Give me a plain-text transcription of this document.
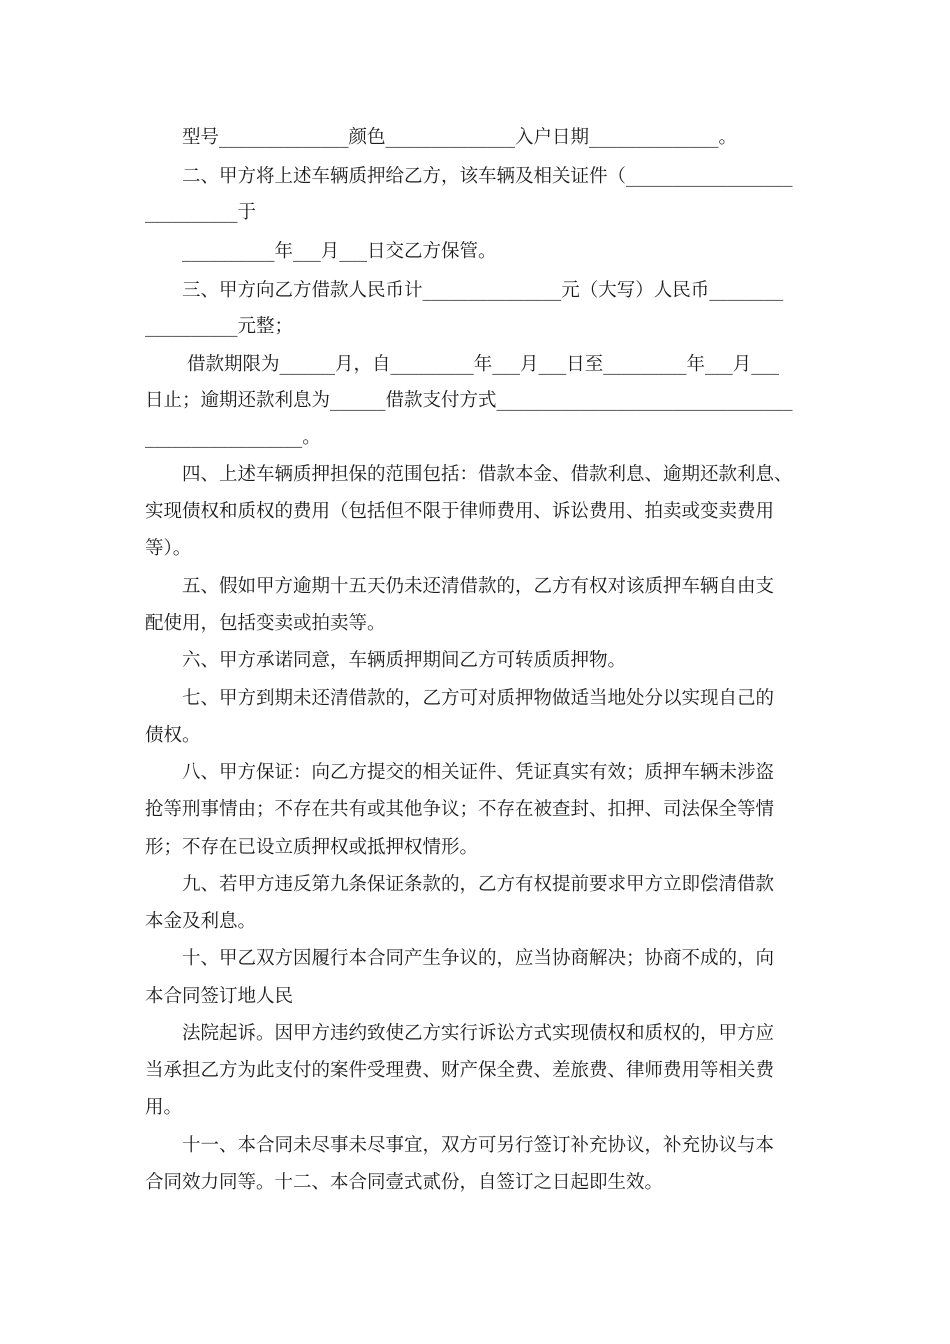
型号______________颜色______________入户日期______________。
二、甲方将上述车辆质押给乙方，该车辆及相关证件（__________________
__________于
__________年___月___日交乙方保管。
三、甲方向乙方借款人民币计_______________元（大写）人民币________
__________元整；
借款期限为______月，自_________年___月___日至_________年___月___
日止；逾期还款利息为______借款支付方式________________________________
_________________。
四、上述车辆质押担保的范围包括：借款本金、借款利息、逾期还款利息、
实现债权和质权的费用（包括但不限于律师费用、诉讼费用、拍卖或变卖费用
等）。
五、假如甲方逾期十五天仍未还清借款的，乙方有权对该质押车辆自由支
配使用，包括变卖或拍卖等。
六、甲方承诺同意，车辆质押期间乙方可转质质押物。
七、甲方到期未还清借款的，乙方可对质押物做适当地处分以实现自己的
债权。
八、甲方保证：向乙方提交的相关证件、凭证真实有效；质押车辆未涉盗
抢等刑事情由；不存在共有或其他争议；不存在被查封、扣押、司法保全等情
形；不存在已设立质押权或抵押权情形。
九、若甲方违反第九条保证条款的，乙方有权提前要求甲方立即偿清借款
本金及利息。
十、甲乙双方因履行本合同产生争议的，应当协商解决；协商不成的，向
本合同签订地人民
法院起诉。因甲方违约致使乙方实行诉讼方式实现债权和质权的，甲方应
当承担乙方为此支付的案件受理费、财产保全费、差旅费、律师费用等相关费
用。
十一、本合同未尽事未尽事宜，双方可另行签订补充协议，补充协议与本
合同效力同等。十二、本合同壹式贰份，自签订之日起即生效。
